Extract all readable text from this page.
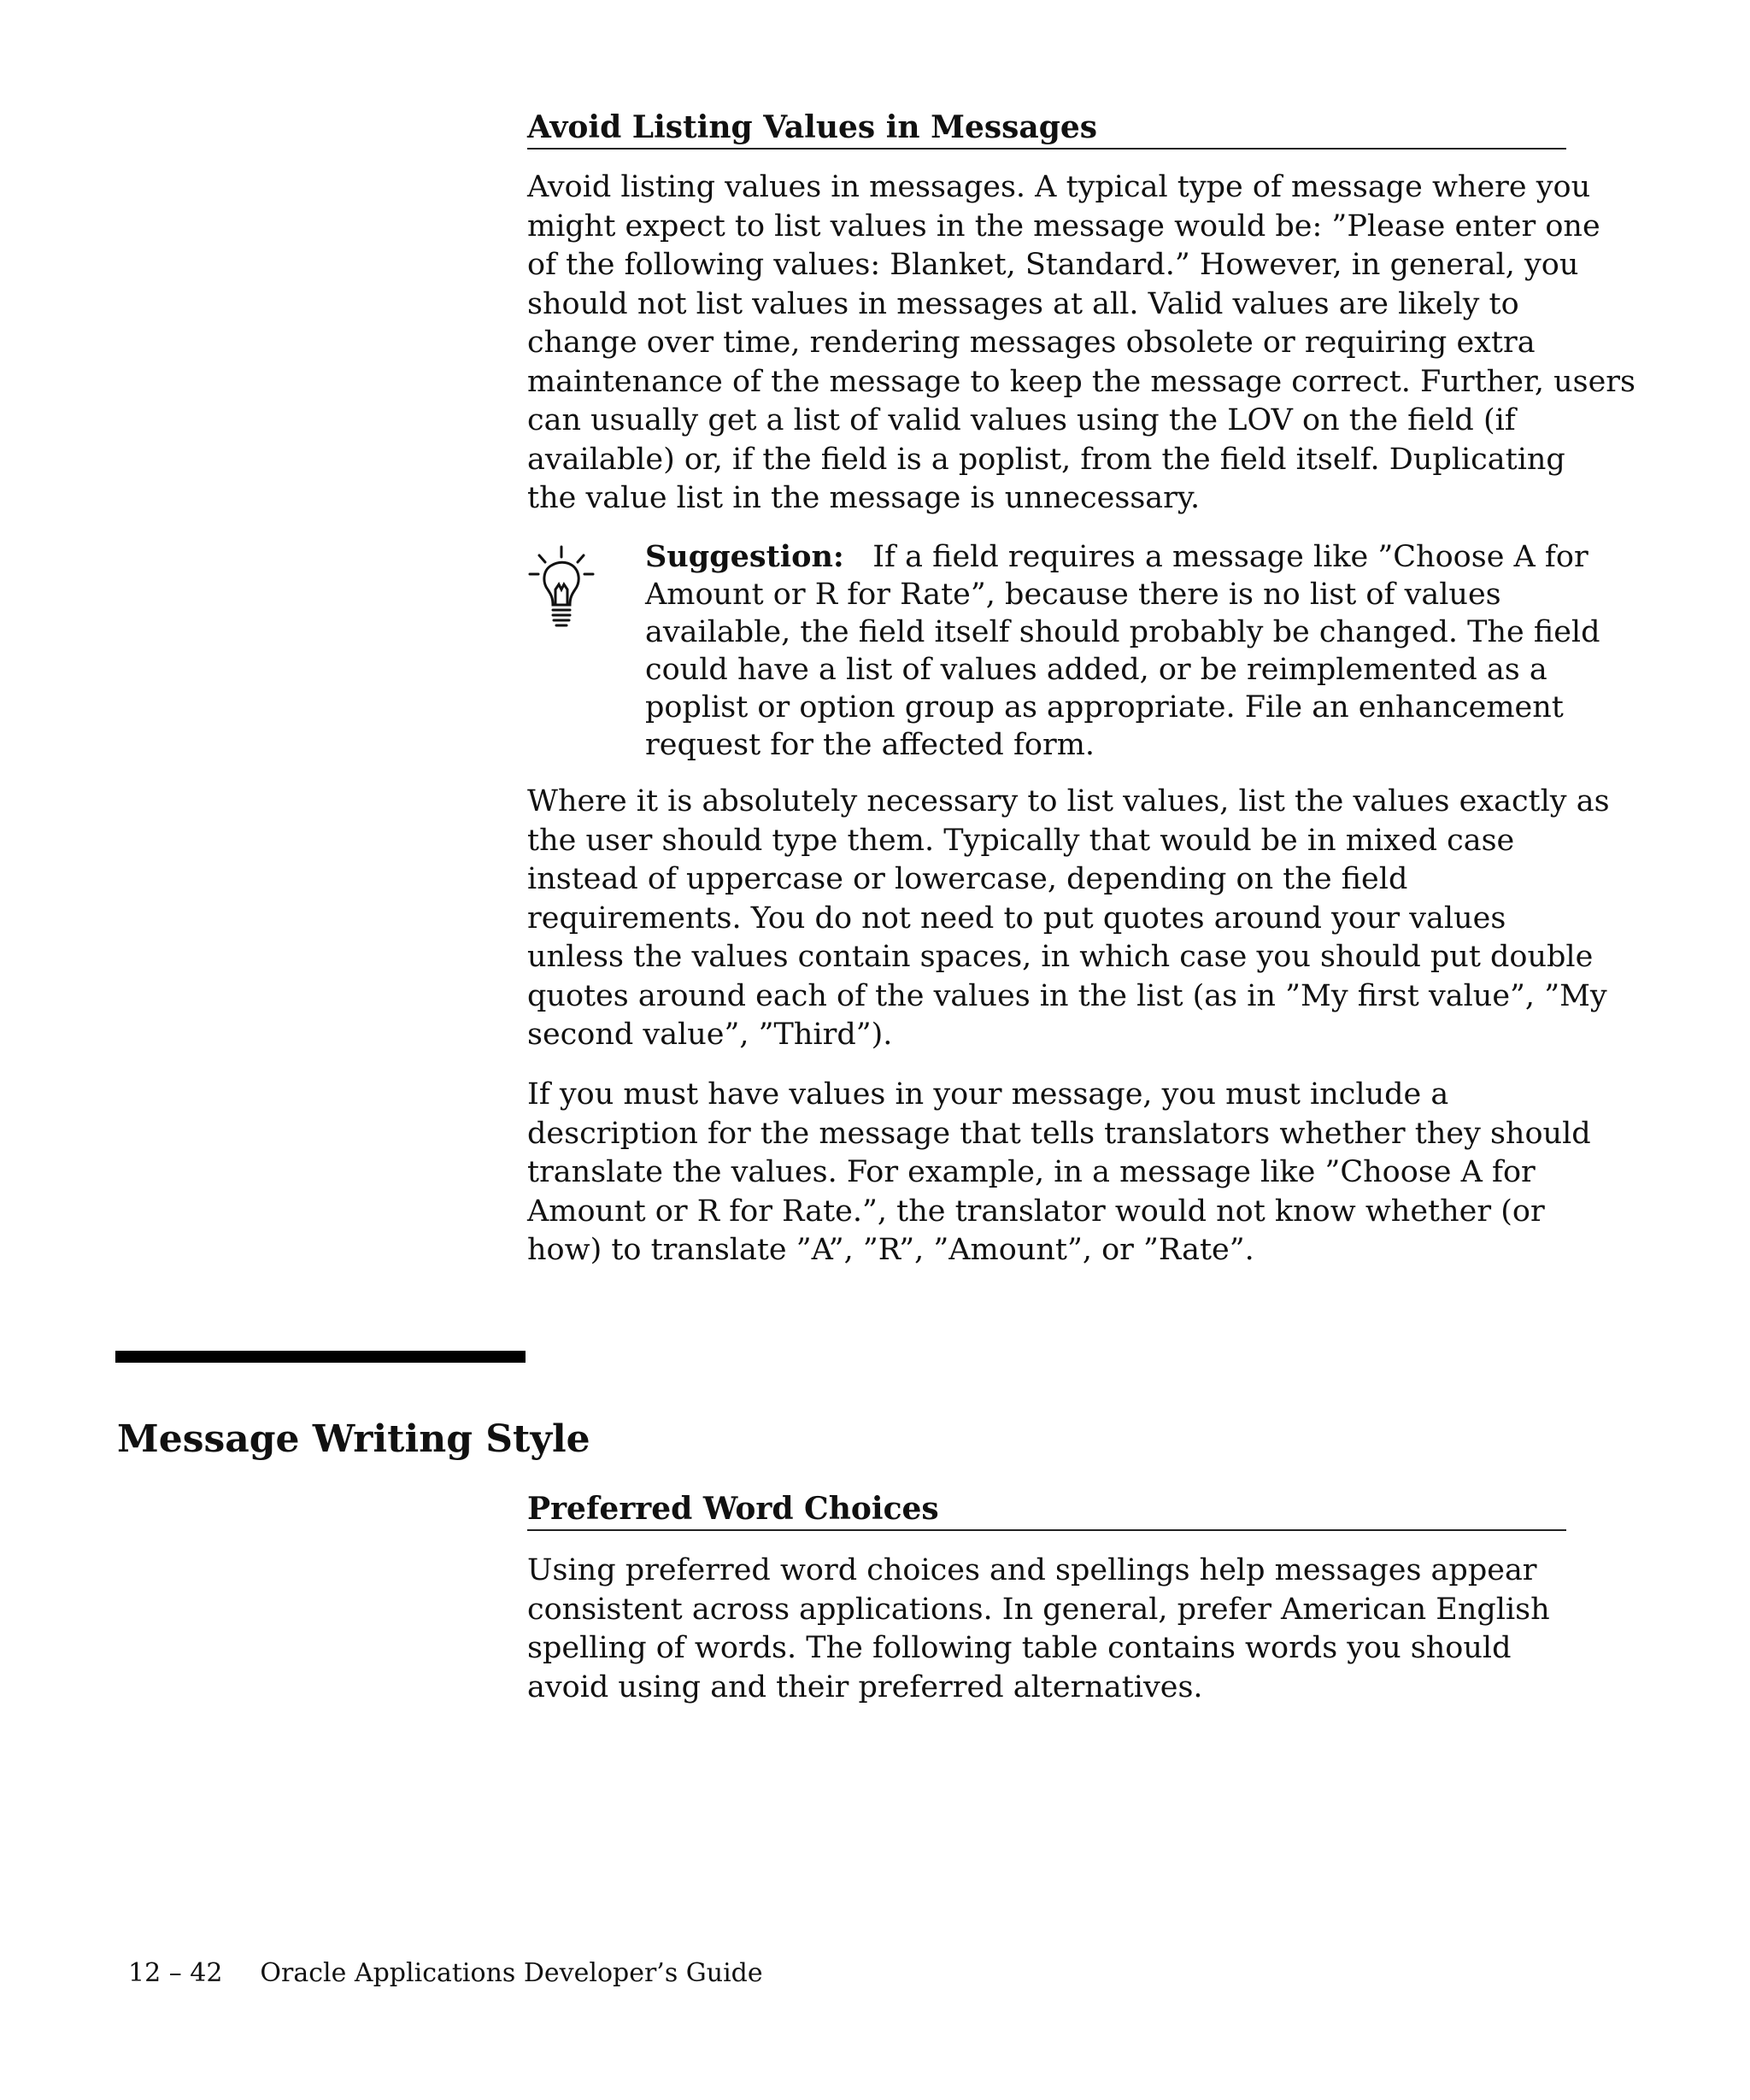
Avoid Listing Values in Messages
Avoid listing values in messages. A typical type of message where you
might expect to list values in the message would be: ”Please enter one
of the following values: Blanket, Standard.” However, in general, you
should not list values in messages at all. Valid values are likely to
change over time, rendering messages obsolete or requiring extra
maintenance of the message to keep the message correct. Further, users
can usually get a list of valid values using the LOV on the field (if
available) or, if the field is a poplist, from the field itself. Duplicating
the value list in the message is unnecessary.
Suggestion: If a field requires a message like ”Choose A for
Amount or R for Rate”, because there is no list of values
available, the field itself should probably be changed. The field
could have a list of values added, or be reimplemented as a
poplist or option group as appropriate. File an enhancement
request for the affected form.
Where it is absolutely necessary to list values, list the values exactly as
the user should type them. Typically that would be in mixed case
instead of uppercase or lowercase, depending on the field
requirements. You do not need to put quotes around your values
unless the values contain spaces, in which case you should put double
quotes around each of the values in the list (as in ”My first value”, ”My
second value”, ”Third”).
If you must have values in your message, you must include a
description for the message that tells translators whether they should
translate the values. For example, in a message like ”Choose A for
Amount or R for Rate.”, the translator would not know whether (or
how) to translate ”A”, ”R”, ”Amount”, or ”Rate”.
Message Writing Style
Preferred Word Choices
Using preferred word choices and spellings help messages appear
consistent across applications. In general, prefer American English
spelling of words. The following table contains words you should
avoid using and their preferred alternatives.
12 – 42 Oracle Applications Developer’s Guide
